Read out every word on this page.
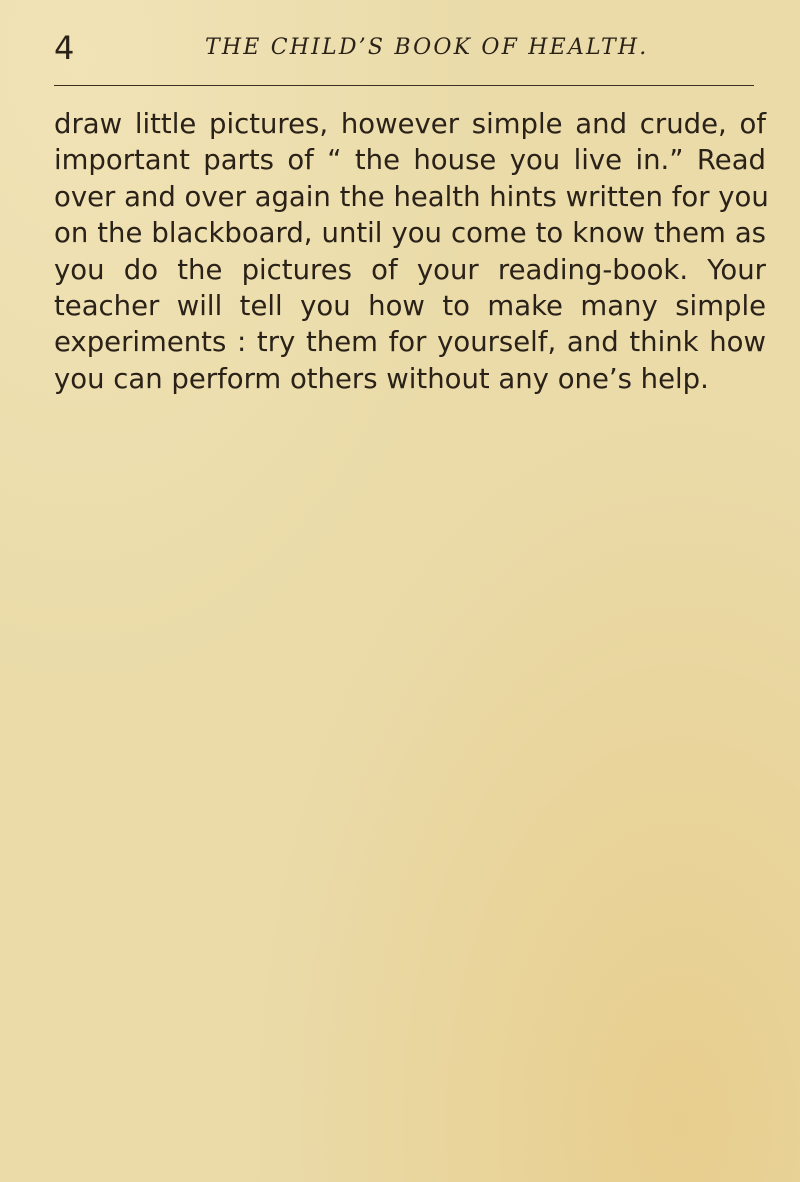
4	THE CHILD’S BOOK OF HEALTH.
draw little pictures, however simple and crude, of
important parts of “ the house you live in.” Read
over and over again the health hints written for you
on the blackboard, until you come to know them as
you do the pictures of your reading-book. Your
teacher will tell you how to make many simple
experiments : try them for yourself, and think how
you can perform others without any one’s help.
